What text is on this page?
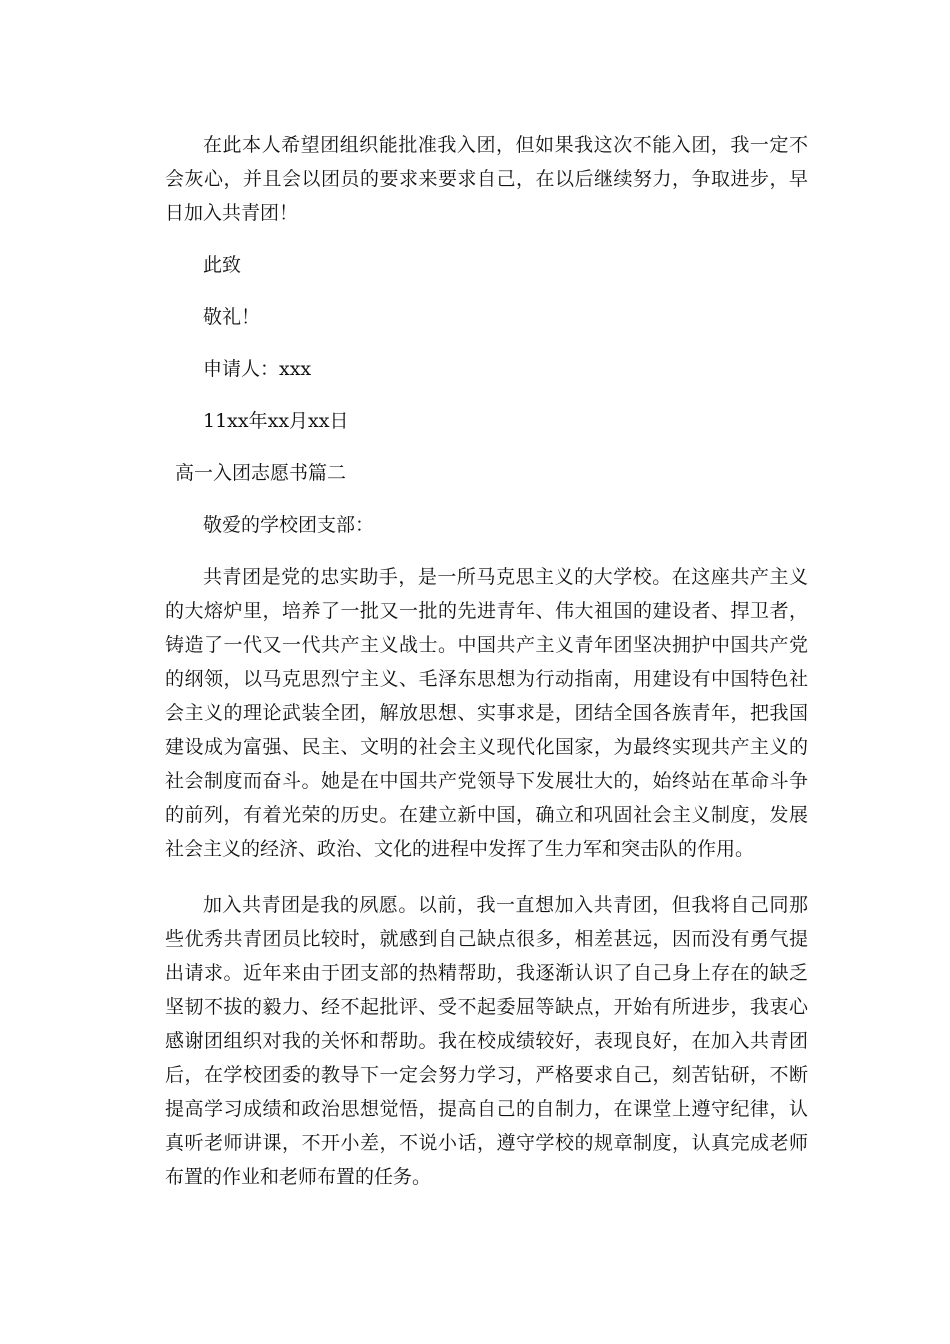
在此本人希望团组织能批准我入团，但如果我这次不能入团，我一定不会灰心，并且会以团员的要求来要求自己，在以后继续努力，争取进步，早日加入共青团！

此致

敬礼！

申请人：xxx

11xx年xx月xx日

高一入团志愿书篇二

敬爱的学校团支部：

共青团是党的忠实助手，是一所马克思主义的大学校。在这座共产主义的大熔炉里，培养了一批又一批的先进青年、伟大祖国的建设者、捍卫者，铸造了一代又一代共产主义战士。中国共产主义青年团坚决拥护中国共产党的纲领，以马克思烈宁主义、毛泽东思想为行动指南，用建设有中国特色社会主义的理论武装全团，解放思想、实事求是，团结全国各族青年，把我国建设成为富强、民主、文明的社会主义现代化国家，为最终实现共产主义的社会制度而奋斗。她是在中国共产党领导下发展壮大的，始终站在革命斗争的前列，有着光荣的历史。在建立新中国，确立和巩固社会主义制度，发展社会主义的经济、政治、文化的进程中发挥了生力军和突击队的作用。

加入共青团是我的夙愿。以前，我一直想加入共青团，但我将自己同那些优秀共青团员比较时，就感到自己缺点很多，相差甚远，因而没有勇气提出请求。近年来由于团支部的热精帮助，我逐渐认识了自己身上存在的缺乏坚韧不拔的毅力、经不起批评、受不起委屈等缺点，开始有所进步，我衷心感谢团组织对我的关怀和帮助。我在校成绩较好，表现良好，在加入共青团后，在学校团委的教导下一定会努力学习，严格要求自己，刻苦钻研，不断提高学习成绩和政治思想觉悟，提高自己的自制力，在课堂上遵守纪律，认真听老师讲课，不开小差，不说小话，遵守学校的规章制度，认真完成老师布置的作业和老师布置的任务。
